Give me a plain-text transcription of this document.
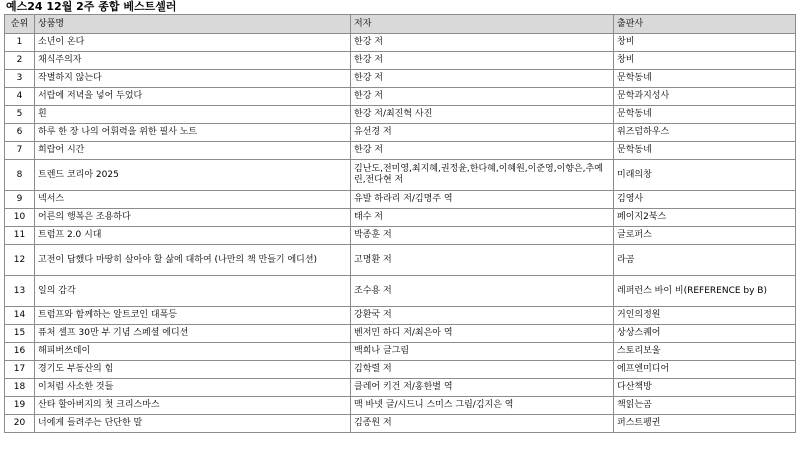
예스24 12월 2주 종합 베스트셀러
순위	상품명	저자	출판사
1	소년이 온다	한강 저	창비
2	채식주의자	한강 저	창비
3	작별하지 않는다	한강 저	문학동네
4	서랍에 저녁을 넣어 두었다	한강 저	문학과지성사
5	흰	한강 저/최진혁 사진	문학동네
6	하루 한 장 나의 어휘력을 위한 필사 노트	유선경 저	위즈덤하우스
7	희랍어 시간	한강 저	문학동네
8	트렌드 코리아 2025	김난도,전미영,최지혜,권정윤,한다혜,이혜원,이준영,이향은,추예린,전다현 저	미래의창
9	넥서스	유발 하라리 저/김명주 역	김영사
10	어른의 행복은 조용하다	태수 저	페이지2북스
11	트럼프 2.0 시대	박종훈 저	글로퍼스
12	고전이 답했다 마땅히 살아야 할 삶에 대하여 (나만의 책 만들기 에디션)	고명환 저	라곰
13	일의 감각	조수용 저	레퍼런스 바이 비(REFERENCE by B)
14	트럼프와 함께하는 알트코인 대폭등	강환국 저	거인의정원
15	퓨처 셀프 30만 부 기념 스페셜 에디션	벤저민 하디 저/최은아 역	상상스퀘어
16	해피버쓰데이	백희나 글그림	스토리보울
17	경기도 부동산의 힘	김학렬 저	에프엔미디어
18	이처럼 사소한 것들	클레어 키건 저/홍한별 역	다산책방
19	산타 할아버지의 첫 크리스마스	맥 바넷 글/시드니 스미스 그림/김지은 역	책읽는곰
20	너에게 들려주는 단단한 말	김종원 저	퍼스트펭귄
